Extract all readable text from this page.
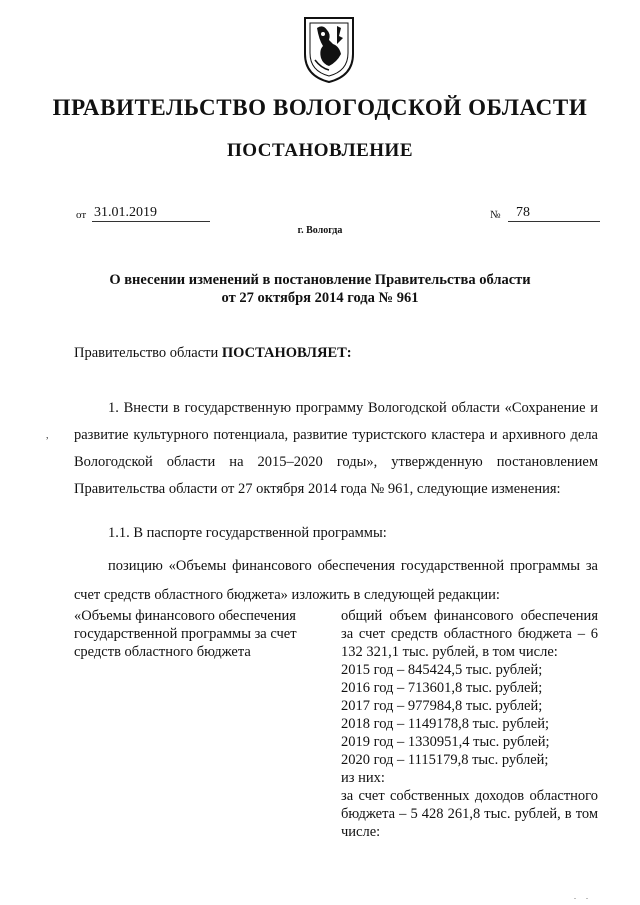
ПРАВИТЕЛЬСТВО ВОЛОГОДСКОЙ ОБЛАСТИ
ПОСТАНОВЛЕНИЕ
от 31.01.2019	№	78
г. Вологда
О внесении изменений в постановление Правительства области
от 27 октября 2014 года № 961
Правительство области ПОСТАНОВЛЯЕТ:
,
1. Внести в государственную программу Вологодской области «Сохранение и развитие культурного потенциала, развитие туристского кластера и архивного дела Вологодской области на 2015–2020 годы», утвержденную постановлением Правительства области от 27 октября 2014 года № 961, следующие изменения:
1.1. В паспорте государственной программы:
позицию «Объемы финансового обеспечения государственной программы за счет средств областного бюджета» изложить в следующей редакции:
«Объемы финансового обеспечения государственной программы за счет средств областного бюджета
общий объем финансового обеспечения за счет средств областного бюджета – 6 132 321,1 тыс. рублей, в том числе:
2015 год – 845424,5 тыс. рублей;
2016 год – 713601,8 тыс. рублей;
2017 год – 977984,8 тыс. рублей;
2018 год – 1149178,8 тыс. рублей;
2019 год – 1330951,4 тыс. рублей;
2020 год – 1115179,8 тыс. рублей;
из них:
за счет собственных доходов областного бюджета – 5 428 261,8 тыс. рублей, в том числе:
. .
